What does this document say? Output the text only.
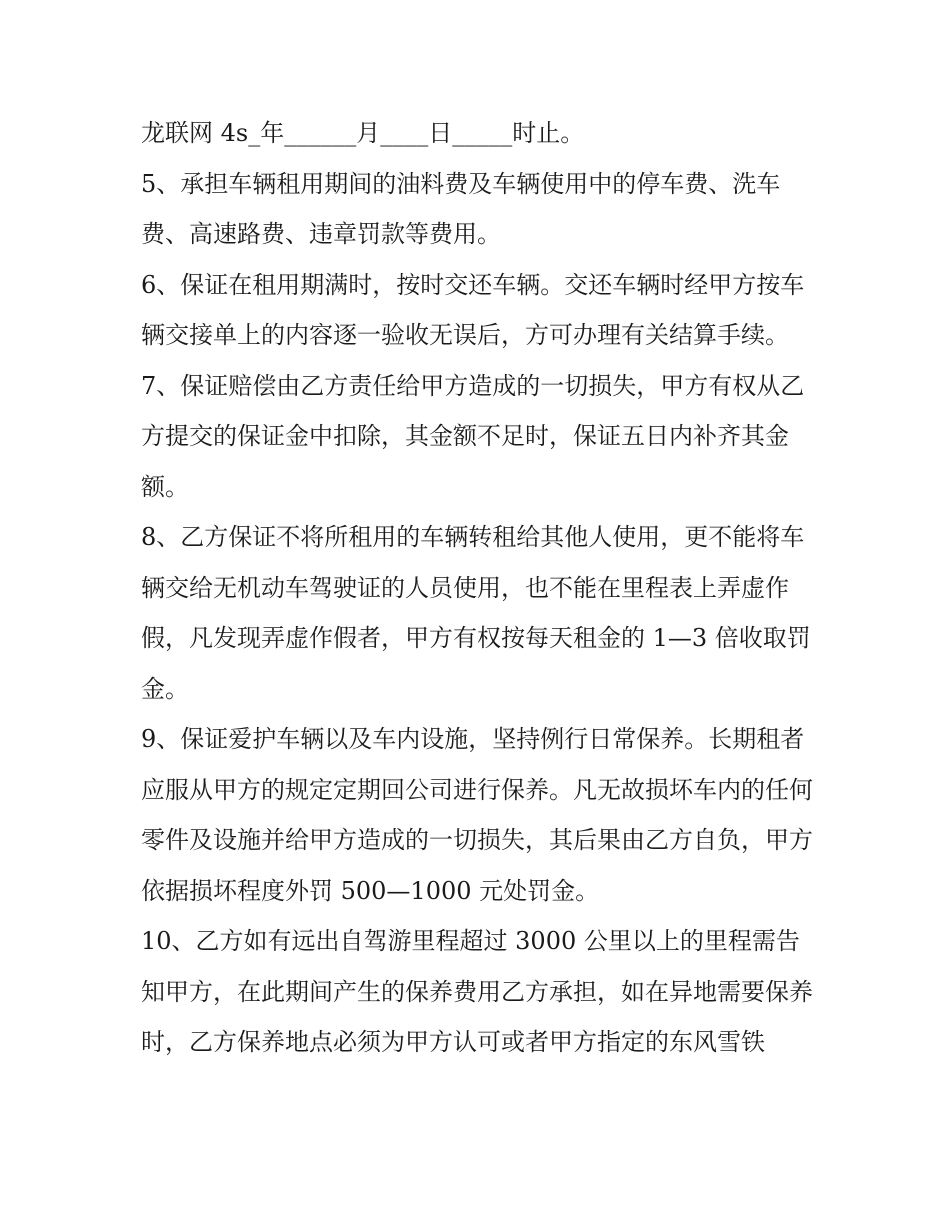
龙联网 4s_年______月____日_____时止。

5、承担车辆租用期间的油料费及车辆使用中的停车费、洗车费、高速路费、违章罚款等费用。

6、保证在租用期满时，按时交还车辆。交还车辆时经甲方按车辆交接单上的内容逐一验收无误后，方可办理有关结算手续。

7、保证赔偿由乙方责任给甲方造成的一切损失，甲方有权从乙方提交的保证金中扣除，其金额不足时，保证五日内补齐其金额。

8、乙方保证不将所租用的车辆转租给其他人使用，更不能将车辆交给无机动车驾驶证的人员使用，也不能在里程表上弄虚作假，凡发现弄虚作假者，甲方有权按每天租金的 1—3 倍收取罚金。

9、保证爱护车辆以及车内设施，坚持例行日常保养。长期租者应服从甲方的规定定期回公司进行保养。凡无故损坏车内的任何零件及设施并给甲方造成的一切损失，其后果由乙方自负，甲方依据损坏程度外罚 500—1000 元处罚金。

10、乙方如有远出自驾游里程超过 3000 公里以上的里程需告知甲方，在此期间产生的保养费用乙方承担，如在异地需要保养时，乙方保养地点必须为甲方认可或者甲方指定的东风雪铁
